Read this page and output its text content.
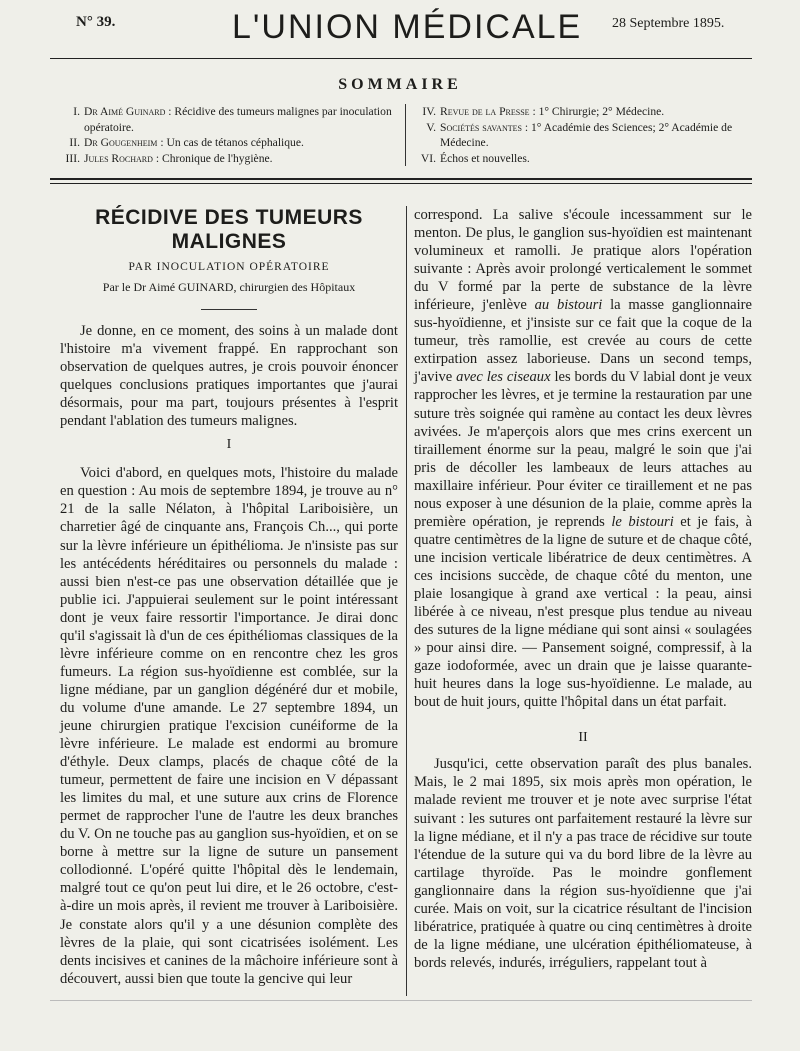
N° 39.	L'UNION MÉDICALE 28 Septembre 1895.
SOMMAIRE
I. Dr Aimé Guinard : Récidive des tumeurs malignes par inoculation opératoire.
II. Dr Gougenheim : Un cas de tétanos céphalique.
III. Jules Rochard : Chronique de l'hygiène.
IV. Revue de la Presse : 1° Chirurgie; 2° Médecine.
V. Sociétés savantes : 1° Académie des Sciences; 2° Académie de Médecine.
VI. Échos et nouvelles.
RÉCIDIVE DES TUMEURS MALIGNES
PAR INOCULATION OPÉRATOIRE
Par le Dr Aimé GUINARD, chirurgien des Hôpitaux

Je donne, en ce moment, des soins à un malade dont l'histoire m'a vivement frappé. En rapprochant son observation de quelques autres, je crois pouvoir énoncer quelques conclusions pratiques importantes que j'aurai désormais, pour ma part, toujours présentes à l'esprit pendant l'ablation des tumeurs malignes.

I

Voici d'abord, en quelques mots, l'histoire du malade en question : Au mois de septembre 1894, je trouve au n° 21 de la salle Nélaton, à l'hôpital Lariboisière, un charretier âgé de cinquante ans, François Ch..., qui porte sur la lèvre inférieure un épithélioma. Je n'insiste pas sur les antécédents héréditaires ou personnels du malade : aussi bien n'est-ce pas une observation détaillée que je publie ici. J'appuierai seulement sur le point intéressant dont je veux faire ressortir l'importance. Je dirai donc qu'il s'agissait là d'un de ces épithéliomas classiques de la lèvre inférieure comme on en rencontre chez les gros fumeurs. La région sus-hyoïdienne est comblée, sur la ligne médiane, par un ganglion dégénéré dur et mobile, du volume d'une amande. Le 27 septembre 1894, un jeune chirurgien pratique l'excision cunéiforme de la lèvre inférieure. Le malade est endormi au bromure d'éthyle. Deux clamps, placés de chaque côté de la tumeur, permettent de faire une incision en V dépassant les limites du mal, et une suture aux crins de Florence permet de rapprocher l'une de l'autre les deux branches du V. On ne touche pas au ganglion sus-hyoïdien, et on se borne à mettre sur la ligne de suture un pansement collodionné. L'opéré quitte l'hôpital dès le lendemain, malgré tout ce qu'on peut lui dire, et le 26 octobre, c'est-à-dire un mois après, il revient me trouver à Lariboisière. Je constate alors qu'il y a une désunion complète des lèvres de la plaie, qui sont cicatrisées isolément. Les dents incisives et canines de la mâchoire inférieure sont à découvert, aussi bien que toute la gencive qui leur

correspond. La salive s'écoule incessamment sur le menton. De plus, le ganglion sus-hyoïdien est maintenant volumineux et ramolli. Je pratique alors l'opération suivante : Après avoir prolongé verticalement le sommet du V formé par la perte de substance de la lèvre inférieure, j'enlève au bistouri la masse ganglionnaire sus-hyoïdienne, et j'insiste sur ce fait que la coque de la tumeur, très ramollie, est crevée au cours de cette extirpation assez laborieuse. Dans un second temps, j'avive avec les ciseaux les bords du V labial dont je veux rapprocher les lèvres, et je termine la restauration par une suture très soignée qui ramène au contact les deux lèvres avivées. Je m'aperçois alors que mes crins exercent un tiraillement énorme sur la peau, malgré le soin que j'ai pris de décoller les lambeaux de leurs attaches au maxillaire inférieur. Pour éviter ce tiraillement et ne pas nous exposer à une désunion de la plaie, comme après la première opération, je reprends le bistouri et je fais, à quatre centimètres de la ligne de suture et de chaque côté, une incision verticale libératrice de deux centimètres. A ces incisions succède, de chaque côté du menton, une plaie losangique à grand axe vertical : la peau, ainsi libérée à ce niveau, n'est presque plus tendue au niveau des sutures de la ligne médiane qui sont ainsi « soulagées » pour ainsi dire. — Pansement soigné, compressif, à la gaze iodoformée, avec un drain que je laisse quarante-huit heures dans la loge sus-hyoïdienne. Le malade, au bout de huit jours, quitte l'hôpital dans un état parfait.

II

Jusqu'ici, cette observation paraît des plus banales. Mais, le 2 mai 1895, six mois après mon opération, le malade revient me trouver et je note avec surprise l'état suivant : les sutures ont parfaitement restauré la lèvre sur la ligne médiane, et il n'y a pas trace de récidive sur toute l'étendue de la suture qui va du bord libre de la lèvre au cartilage thyroïde. Pas le moindre gonflement ganglionnaire dans la région sus-hyoïdienne que j'ai curée. Mais on voit, sur la cicatrice résultant de l'incision libératrice, pratiquée à quatre ou cinq centimètres à droite de la ligne médiane, une ulcération épithéliomateuse, à bords relevés, indurés, irréguliers, rappelant tout à
